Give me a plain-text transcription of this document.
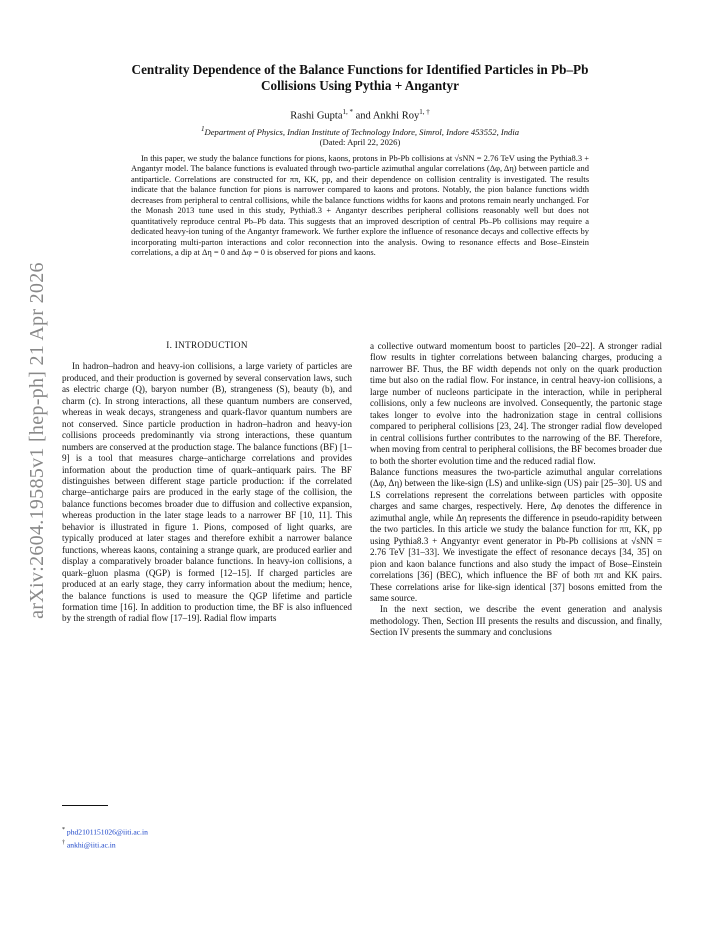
arXiv:2604.19585v1 [hep-ph] 21 Apr 2026
Centrality Dependence of the Balance Functions for Identified Particles in Pb–Pb
Collisions Using Pythia + Angantyr
Rashi Gupta$^{1, *}$ and Ankhi Roy$^{1, \dagger}$
$^1$Department of Physics, Indian Institute of Technology Indore, Simrol, Indore 453552, India
(Dated: April 22, 2026)
In this paper, we study the balance functions for pions, kaons, protons in Pb-Pb collisions at √sNN = 2.76 TeV using the Pythia8.3 + Angantyr model. The balance functions is evaluated through two-particle azimuthal angular correlations (Δφ, Δη) between particle and antiparticle. Correlations are constructed for ππ, KK, pp, and their dependence on collision centrality is investigated. The results indicate that the balance function for pions is narrower compared to kaons and protons. Notably, the pion balance functions width decreases from peripheral to central collisions, while the balance functions widths for kaons and protons remain nearly unchanged. For the Monash 2013 tune used in this study, Pythia8.3 + Angantyr describes peripheral collisions reasonably well but does not quantitatively reproduce central Pb–Pb data. This suggests that an improved description of central Pb–Pb collisions may require a dedicated heavy-ion tuning of the Angantyr framework. We further explore the influence of resonance decays and collective effects by incorporating multi-parton interactions and color reconnection into the analysis. Owing to resonance effects and Bose–Einstein correlations, a dip at Δη = 0 and Δφ = 0 is observed for pions and kaons.
I. INTRODUCTION

In hadron–hadron and heavy-ion collisions, a large variety of particles are produced, and their production is governed by several conservation laws, such as electric charge (Q), baryon number (B), strangeness (S), beauty (b), and charm (c). In strong interactions, all these quantum numbers are conserved, whereas in weak decays, strangeness and quark-flavor quantum numbers are not conserved. Since particle production in hadron–hadron and heavy-ion collisions proceeds predominantly via strong interactions, these quantum numbers are conserved at the production stage. The balance functions (BF) [1–9] is a tool that measures charge–anticharge correlations and provides information about the production time of quark–antiquark pairs. The BF distinguishes between different stage particle production: if the correlated charge–anticharge pairs are produced in the early stage of the collision, the balance functions becomes broader due to diffusion and collective expansion, whereas production in the later stage leads to a narrower BF [10, 11]. This behavior is illustrated in figure 1. Pions, composed of light quarks, are typically produced at later stages and therefore exhibit a narrower balance functions, whereas kaons, containing a strange quark, are produced earlier and display a comparatively broader balance functions. In heavy-ion collisions, a quark–gluon plasma (QGP) is formed [12–15]. If charged particles are produced at an early stage, they carry information about the medium; hence, the balance functions is used to measure the QGP lifetime and particle formation time [16]. In addition to production time, the BF is also influenced by the strength of radial flow [17–19]. Radial flow imparts

a collective outward momentum boost to particles [20–22]. A stronger radial flow results in tighter correlations between balancing charges, producing a narrower BF. Thus, the BF width depends not only on the quark production time but also on the radial flow. For instance, in central heavy-ion collisions, a large number of nucleons participate in the interaction, while in peripheral collisions, only a few nucleons are involved. Consequently, the partonic stage takes longer to evolve into the hadronization stage in central collisions compared to peripheral collisions [23, 24]. The stronger radial flow developed in central collisions further contributes to the narrowing of the BF. Therefore, when moving from central to peripheral collisions, the BF becomes broader due to both the shorter evolution time and the reduced radial flow.

Balance functions measures the two-particle azimuthal angular correlations (Δφ, Δη) between the like-sign (LS) and unlike-sign (US) pair [25–30]. US and LS correlations represent the correlations between particles with opposite charges and same charges, respectively. Here, Δφ denotes the difference in azimuthal angle, while Δη represents the difference in pseudo-rapidity between the two particles. In this article we study the balance function for ππ, KK, pp using Pythia8.3 + Angyantyr event generator in Pb-Pb collisions at √sNN = 2.76 TeV [31–33]. We investigate the effect of resonance decays [34, 35] on pion and kaon balance functions and also study the impact of Bose–Einstein correlations [36] (BEC), which influence the BF of both ππ and KK pairs. These correlations arise for like-sign identical [37] bosons emitted from the same source.

In the next section, we describe the event generation and analysis methodology. Then, Section III presents the results and discussion, and finally, Section IV presents the summary and conclusions

* phd2101151026@iiti.ac.in
† ankhi@iiti.ac.in
